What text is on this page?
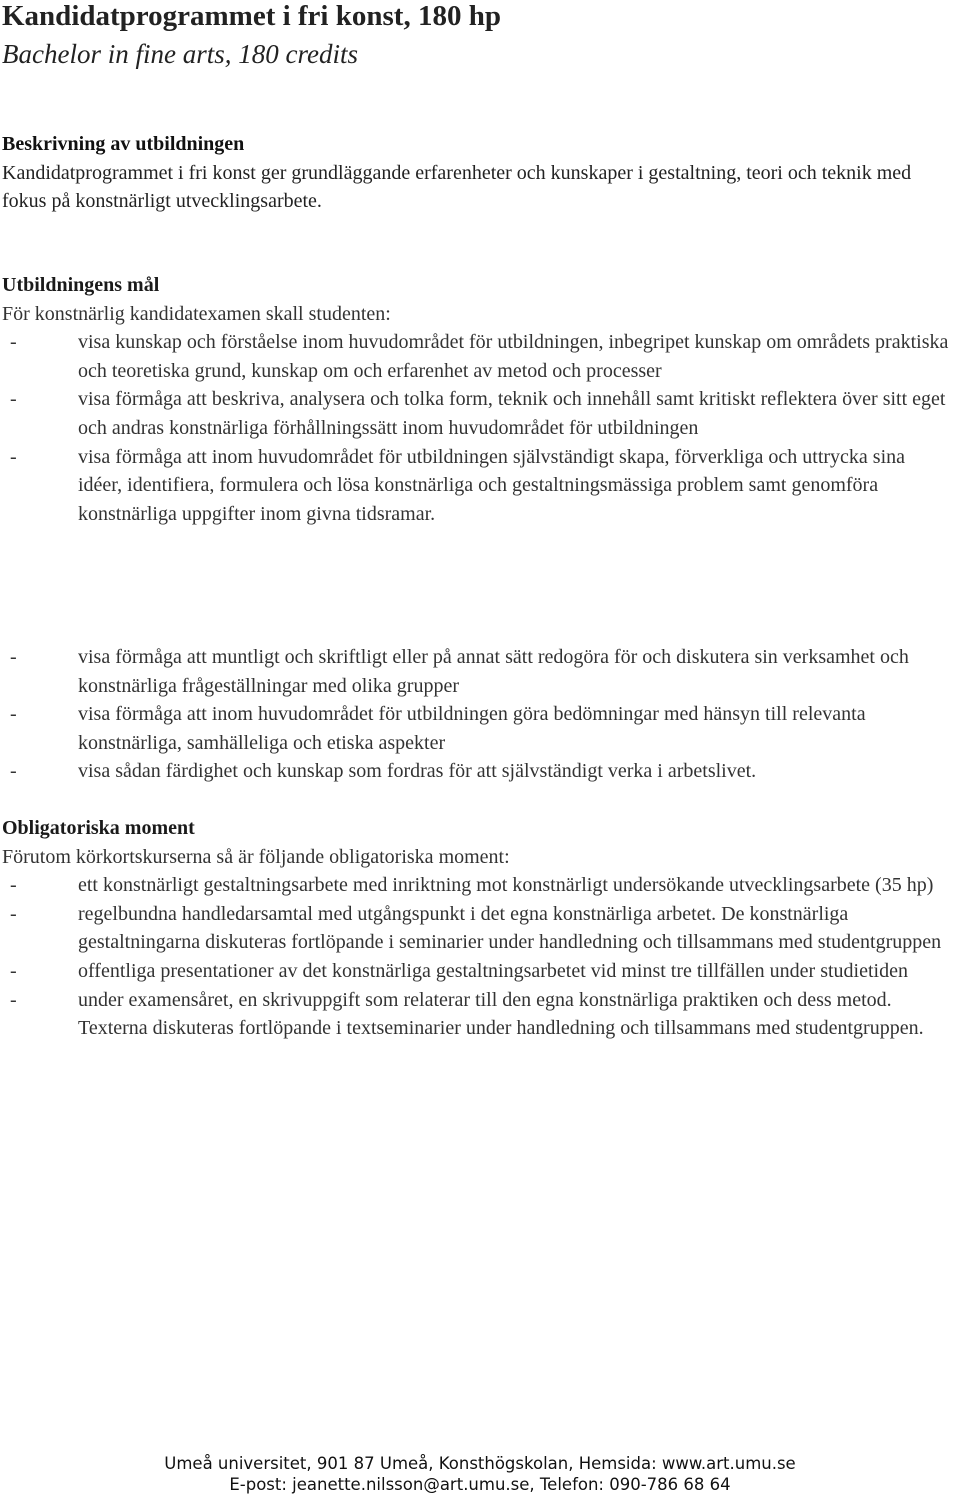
Kandidatprogrammet i fri konst, 180 hp
Bachelor in fine arts, 180 credits
Beskrivning av utbildningen
Kandidatprogrammet i fri konst ger grundläggande erfarenheter och kunskaper i gestaltning, teori och teknik med fokus på konstnärligt utvecklingsarbete.
Utbildningens mål
För konstnärlig kandidatexamen skall studenten:
- visa kunskap och förståelse inom huvudområdet för utbildningen, inbegripet kunskap om områdets praktiska och teoretiska grund, kunskap om och erfarenhet av metod och processer
- visa förmåga att beskriva, analysera och tolka form, teknik och innehåll samt kritiskt reflektera över sitt eget och andras konstnärliga förhållningssätt inom huvudområdet för utbildningen
- visa förmåga att inom huvudområdet för utbildningen självständigt skapa, förverkliga och uttrycka sina idéer, identifiera, formulera och lösa konstnärliga och gestaltningsmässiga problem samt genomföra konstnärliga uppgifter inom givna tidsramar.
- visa förmåga att muntligt och skriftligt eller på annat sätt redogöra för och diskutera sin verksamhet och konstnärliga frågeställningar med olika grupper
- visa förmåga att inom huvudområdet för utbildningen göra bedömningar med hänsyn till relevanta konstnärliga, samhälleliga och etiska aspekter
- visa sådan färdighet och kunskap som fordras för att självständigt verka i arbetslivet.
Obligatoriska moment
Förutom körkortskurserna så är följande obligatoriska moment:
- ett konstnärligt gestaltningsarbete med inriktning mot konstnärligt undersökande utvecklingsarbete (35 hp)
- regelbundna handledarsamtal med utgångspunkt i det egna konstnärliga arbetet. De konstnärliga gestaltningarna diskuteras fortlöpande i seminarier under handledning och tillsammans med studentgruppen
- offentliga presentationer av det konstnärliga gestaltningsarbetet vid minst tre tillfällen under studietiden
- under examensåret, en skrivuppgift som relaterar till den egna konstnärliga praktiken och dess metod. Texterna diskuteras fortlöpande i textseminarier under handledning och tillsammans med studentgruppen.
Umeå universitet, 901 87 Umeå, Konsthögskolan, Hemsida: www.art.umu.se
E-post: jeanette.nilsson@art.umu.se, Telefon: 090-786 68 64
